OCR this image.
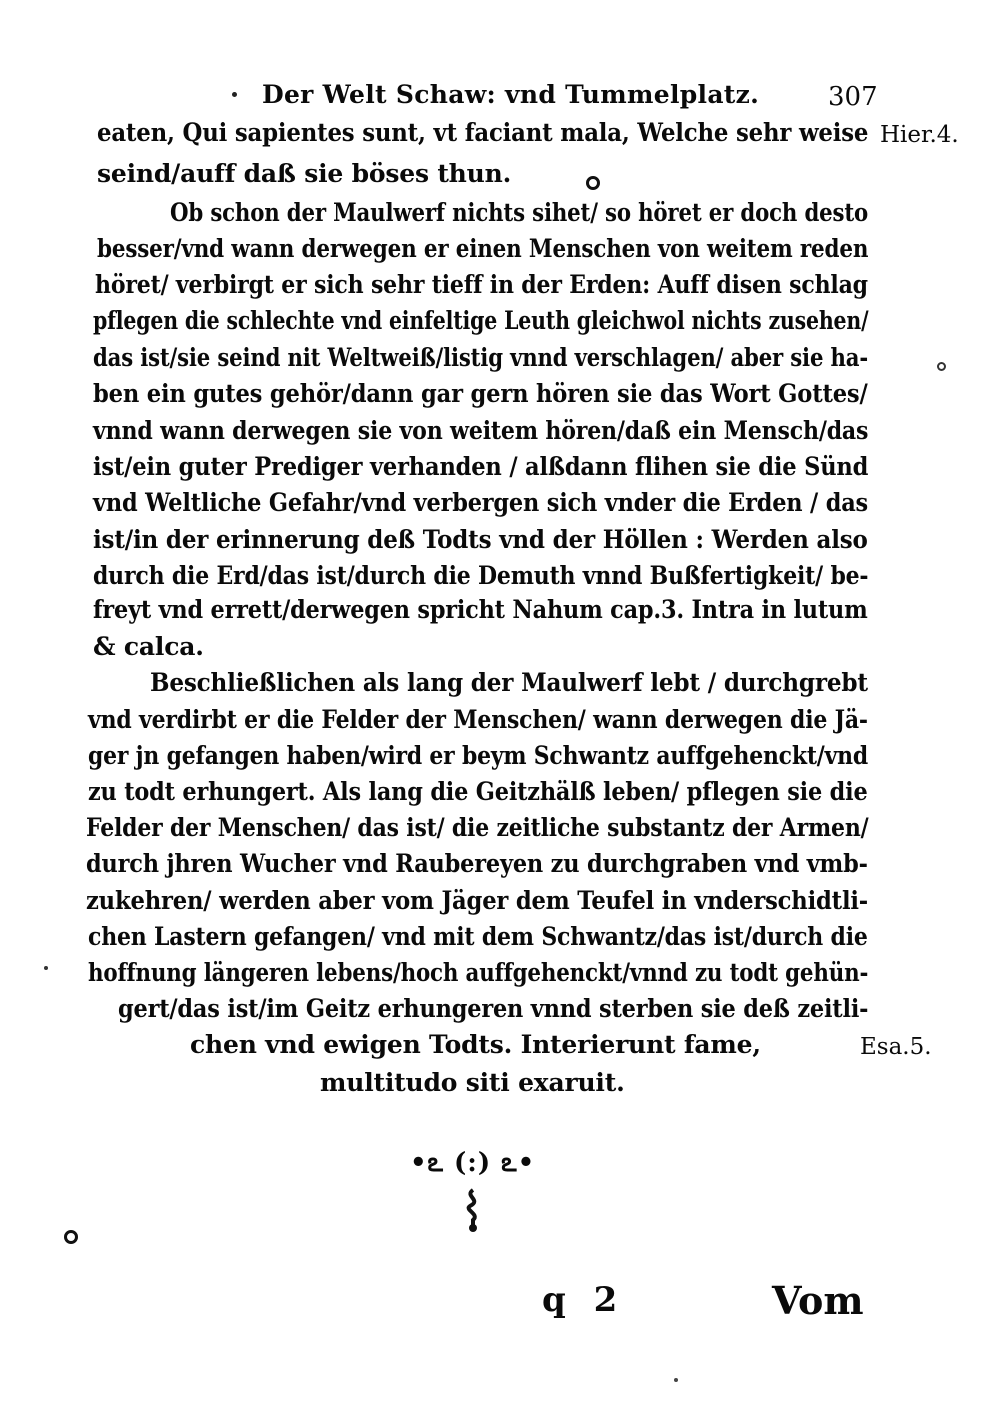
Der Welt Schaw: vnd Tummelplatz.	307
eaten, Qui sapientes sunt, vt faciant mala, Welche sehr weise
seind/auff daß sie böses thun.
Ob schon der Maulwerf nichts sihet/ so höret er doch desto
besser/vnd wann derwegen er einen Menschen von weitem reden
höret/ verbirgt er sich sehr tieff in der Erden: Auff disen schlag
pflegen die schlechte vnd einfeltige Leuth gleichwol nichts zusehen/
das ist/sie seind nit Weltweiß/listig vnnd verschlagen/ aber sie ha-
ben ein gutes gehör/dann gar gern hören sie das Wort Gottes/
vnnd wann derwegen sie von weitem hören/daß ein Mensch/das
ist/ein guter Prediger verhanden / alßdann flihen sie die Sünd
vnd Weltliche Gefahr/vnd verbergen sich vnder die Erden / das
ist/in der erinnerung deß Todts vnd der Höllen : Werden also
durch die Erd/das ist/durch die Demuth vnnd Bußfertigkeit/ be-
freyt vnd errett/derwegen spricht Nahum cap.3. Intra in lutum
& calca.
Beschließlichen als lang der Maulwerf lebt / durchgrebt
vnd verdirbt er die Felder der Menschen/ wann derwegen die Jä-
ger jn gefangen haben/wird er beym Schwantz auffgehenckt/vnd
zu todt erhungert. Als lang die Geitzhälß leben/ pflegen sie die
Felder der Menschen/ das ist/ die zeitliche substantz der Armen/
durch jhren Wucher vnd Raubereyen zu durchgraben vnd vmb-
zukehren/ werden aber vom Jäger dem Teufel in vnderschidtli-
chen Lastern gefangen/ vnd mit dem Schwantz/das ist/durch die
hoffnung längeren lebens/hoch auffgehenckt/vnnd zu todt gehün-
gert/das ist/im Geitz erhungeren vnnd sterben sie deß zeitli-
chen vnd ewigen Todts. Interierunt fame,
multitudo siti exaruit.
Hier.4.
Esa.5.
•ఽ (:) ఽ•
q 2	Vom
